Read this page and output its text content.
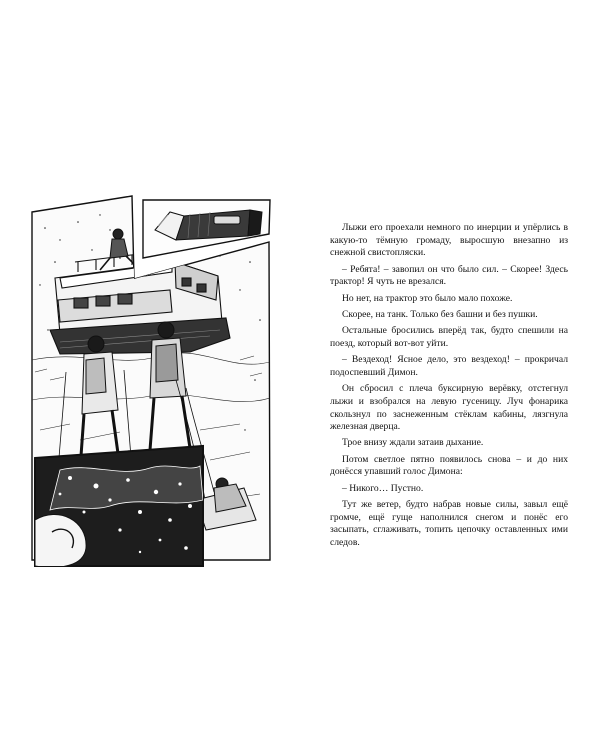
Лыжи его проехали немного по инерции и упёрлись в какую-то тёмную громаду, выросшую внезапно из снежной свистопляски.

– Ребята! – завопил он что было сил. – Скорее! Здесь трактор! Я чуть не врезался.

Но нет, на трактор это было мало похоже.

Скорее, на танк. Только без башни и без пушки.

Остальные бросились вперёд так, будто спешили на поезд, который вот-вот уйти.

– Вездеход! Ясное дело, это вездеход! – прокричал подоспевший Димон.

Он сбросил с плеча буксирную верёвку, отстегнул лыжи и взобрался на левую гусеницу. Луч фонарика скользнул по заснеженным стёклам кабины, лязгнула железная дверца.

Трое внизу ждали затаив дыхание.

Потом светлое пятно появилось снова – и до них донёсся упавший голос Димона:

– Никого… Пустно.

Тут же ветер, будто набрав новые силы, завыл ещё громче, ещё гуще наполнился снегом и понёс его засыпать, сглаживать, топить цепочку оставленных ими следов.
